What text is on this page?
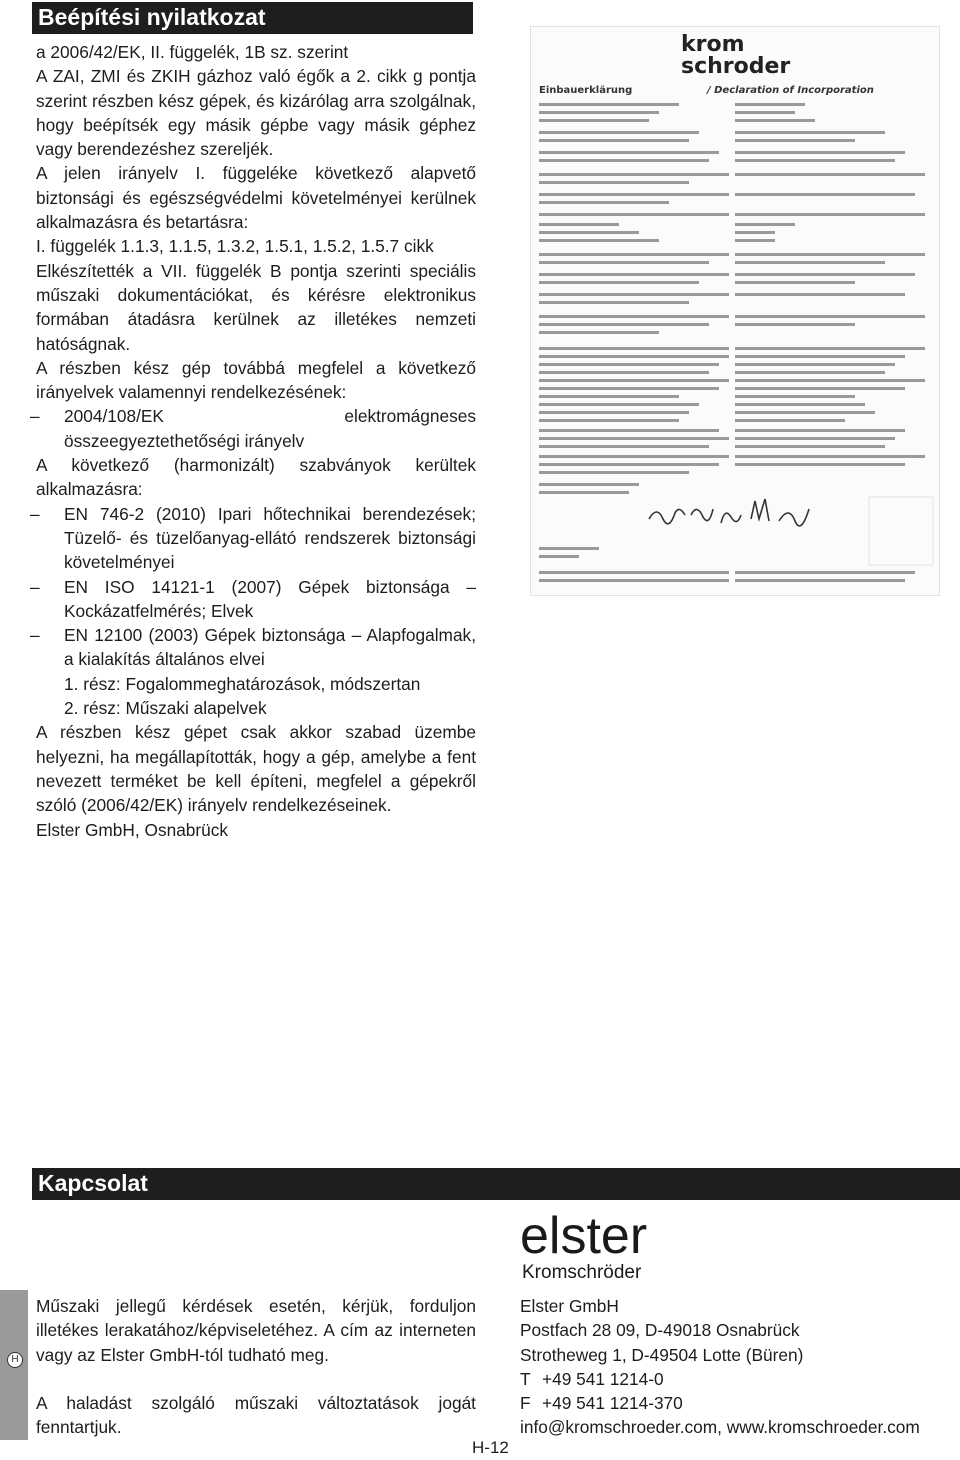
Beépítési nyilatkozat

a 2006/42/EK, II. függelék, 1B sz. szerint

A ZAI, ZMI és ZKIH gázhoz való égők a 2. cikk g pontja szerint részben kész gépek, és kizárólag arra szolgálnak, hogy beépítsék egy másik gépbe vagy másik géphez vagy berendezéshez szereljék.

A jelen irányelv I. függeléke következő alapvető biztonsági és egészségvédelmi követelményei kerülnek alkalmazásra és betartásra:

I. függelék 1.1.3, 1.1.5, 1.3.2, 1.5.1, 1.5.2, 1.5.7 cikk

Elkészítették a VII. függelék B pontja szerinti speciális műszaki dokumentációkat, és kérésre elektronikus formában átadásra kerülnek az illetékes nemzeti hatóságnak.

A részben kész gép továbbá megfelel a következő irányelvek valamennyi rendelkezésének:

– 2004/108/EK elektromágneses összeegyeztethetőségi irányelv

A következő (harmonizált) szabványok kerültek alkalmazásra:

– EN 746-2 (2010) Ipari hőtechnikai berendezések; Tüzelő- és tüzelőanyag-ellátó rendszerek biztonsági követelményei

– EN ISO 14121-1 (2007) Gépek biztonsága – Kockázatfelmérés; Elvek

– EN 12100 (2003) Gépek biztonsága – Alapfogalmak, a kialakítás általános elvei

1. rész: Fogalommeghatározások, módszertan

2. rész: Műszaki alapelvek

A részben kész gépet csak akkor szabad üzembe helyezni, ha megállapították, hogy a gép, amelybe a fent nevezett terméket be kell építeni, megfelel a gépekről szóló (2006/42/EK) irányelv rendelkezéseinek.

Elster GmbH, Osnabrück

krom
schroder
Einbauerklärung	/ Declaration of Incorporation
Kapcsolat
H

Műszaki jellegű kérdések esetén, kérjük, forduljon illetékes lerakatához/képviseletéhez. A cím az interneten vagy az Elster GmbH-tól tudható meg.

A haladást szolgáló műszaki változtatások jogát fenntartjuk.

elster
Kromschröder
Elster GmbH
Postfach 28 09, D-49018 Osnabrück
Strotheweg 1, D-49504 Lotte (Büren)
T +49 541 1214-0
F +49 541 1214-370
info@kromschroeder.com, www.kromschroeder.com
H-12
